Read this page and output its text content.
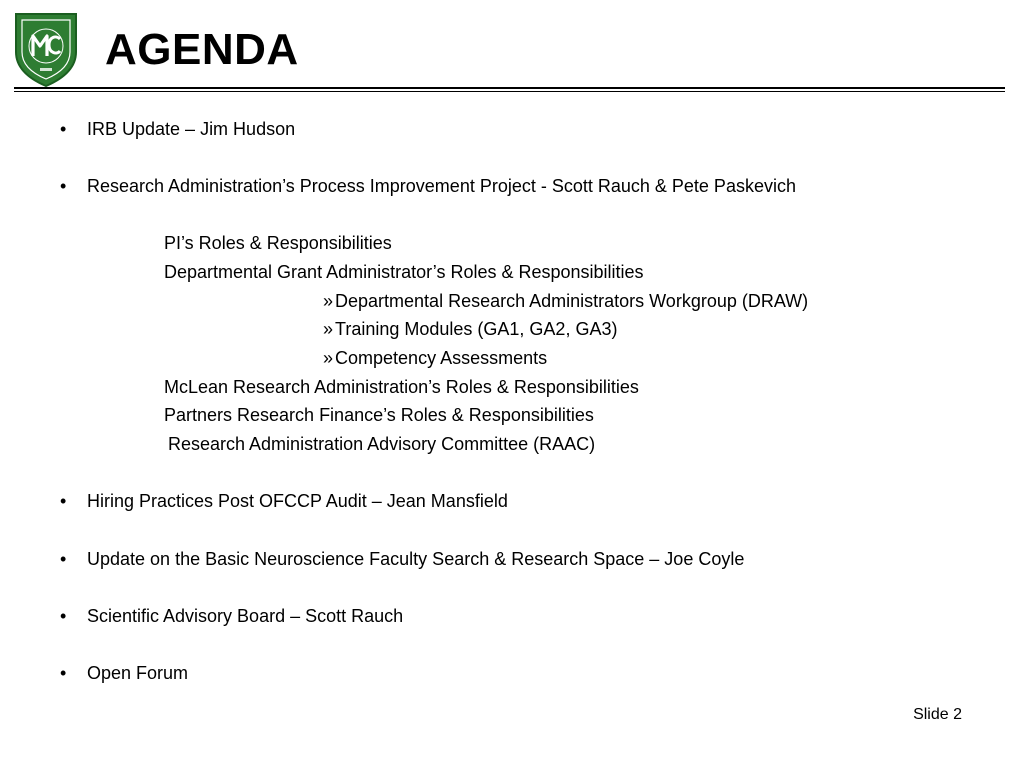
AGENDA
• IRB Update – Jim Hudson
• Research Administration’s Process Improvement Project - Scott Rauch & Pete Paskevich
PI’s Roles & Responsibilities
Departmental Grant Administrator’s Roles & Responsibilities
» Departmental Research Administrators Workgroup (DRAW)
» Training Modules (GA1, GA2, GA3)
» Competency Assessments
McLean Research Administration’s Roles & Responsibilities
Partners Research Finance’s Roles & Responsibilities
Research Administration Advisory Committee (RAAC)
• Hiring Practices Post OFCCP Audit – Jean Mansfield
• Update on the Basic Neuroscience Faculty Search & Research Space – Joe Coyle
• Scientific Advisory Board – Scott Rauch
• Open Forum
Slide 2
